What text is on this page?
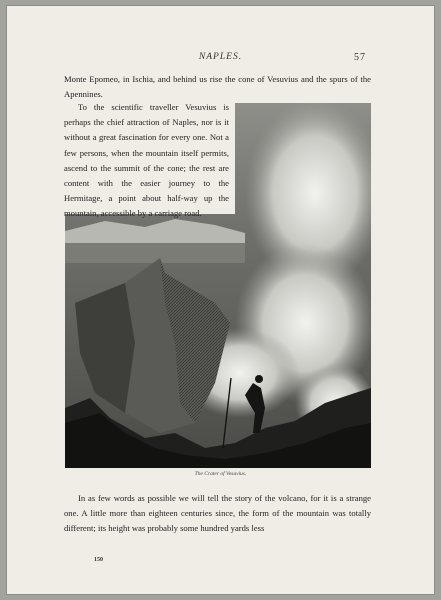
NAPLES.	57
Monte Epomeo, in Ischia, and behind us rise the cone of Vesuvius and the spurs of the Apennines.
To the scientific traveller Vesuvius is perhaps the chief attraction of Naples, nor is it without a great fascination for every one. Not a few persons, when the mountain itself permits, ascend to the summit of the cone; the rest are content with the easier journey to the Hermitage, a point about half-way up the mountain, accessible by a carriage road.
The Crater of Vesuvius.
In as few words as possible we will tell the story of the volcano, for it is a strange one. A little more than eighteen centuries since, the form of the mountain was totally different; its height was probably some hundred yards less
150
